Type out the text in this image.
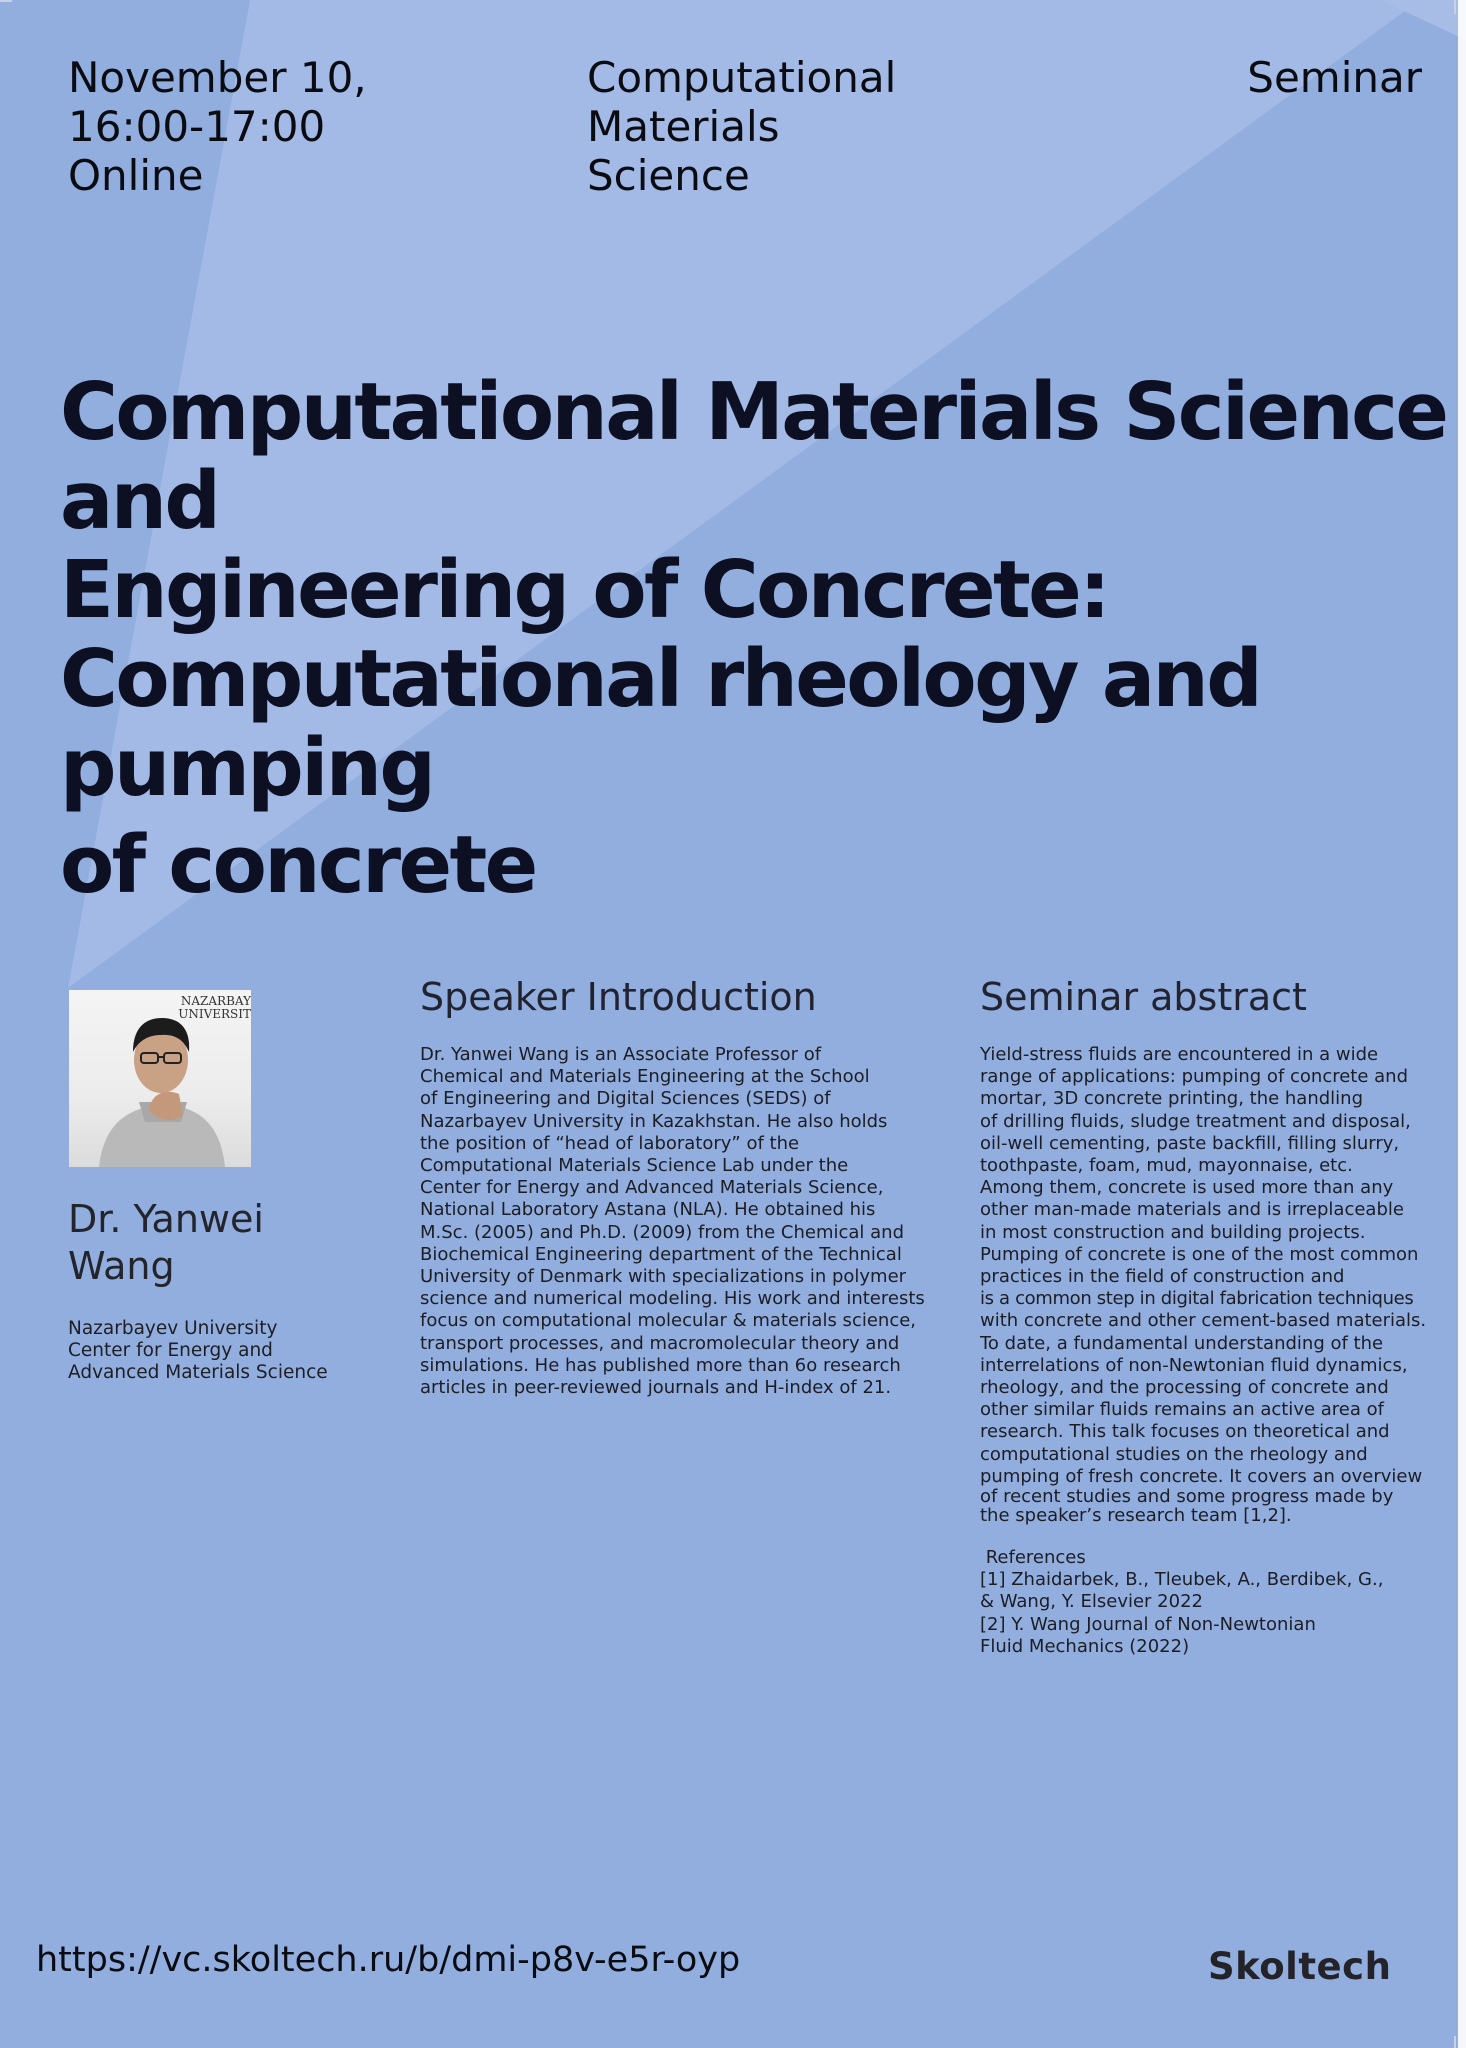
November 10,
16:00-17:00
Online
Computational
Materials
Science
Seminar
Computational Materials Science and
Engineering of Concrete:
Computational rheology and pumping
of concrete
NAZARBAY
UNIVERSIT
Dr. Yanwei
Wang
Nazarbayev University
Center for Energy and
Advanced Materials Science
Speaker Introduction
Dr. Yanwei Wang is an Associate Professor of
Chemical and Materials Engineering at the School
of Engineering and Digital Sciences (SEDS) of
Nazarbayev University in Kazakhstan. He also holds
the position of “head of laboratory” of the
Computational Materials Science Lab under the
Center for Energy and Advanced Materials Science,
National Laboratory Astana (NLA). He obtained his
M.Sc. (2005) and Ph.D. (2009) from the Chemical and
Biochemical Engineering department of the Technical
University of Denmark with specializations in polymer
science and numerical modeling. His work and interests
focus on computational molecular & materials science,
transport processes, and macromolecular theory and
simulations. He has published more than 6o research
articles in peer-reviewed journals and H-index of 21.
Seminar abstract
Yield-stress fluids are encountered in a wide
range of applications: pumping of concrete and
mortar, 3D concrete printing, the handling
of drilling fluids, sludge treatment and disposal,
oil-well cementing, paste backfill, filling slurry,
toothpaste, foam, mud, mayonnaise, etc.
Among them, concrete is used more than any
other man-made materials and is irreplaceable
in most construction and building projects.
Pumping of concrete is one of the most common
practices in the field of construction and
is a common step in digital fabrication techniques
with concrete and other cement-based materials.
To date, a fundamental understanding of the
interrelations of non-Newtonian fluid dynamics,
rheology, and the processing of concrete and
other similar fluids remains an active area of
research. This talk focuses on theoretical and
computational studies on the rheology and
pumping of fresh concrete. It covers an overview
of recent studies and some progress made by
the speaker’s research team [1,2].
References
[1] Zhaidarbek, B., Tleubek, A., Berdibek, G.,
& Wang, Y. Elsevier 2022
[2] Y. Wang Journal of Non-Newtonian
Fluid Mechanics (2022)
https://vc.skoltech.ru/b/dmi-p8v-e5r-oyp	Skoltech
